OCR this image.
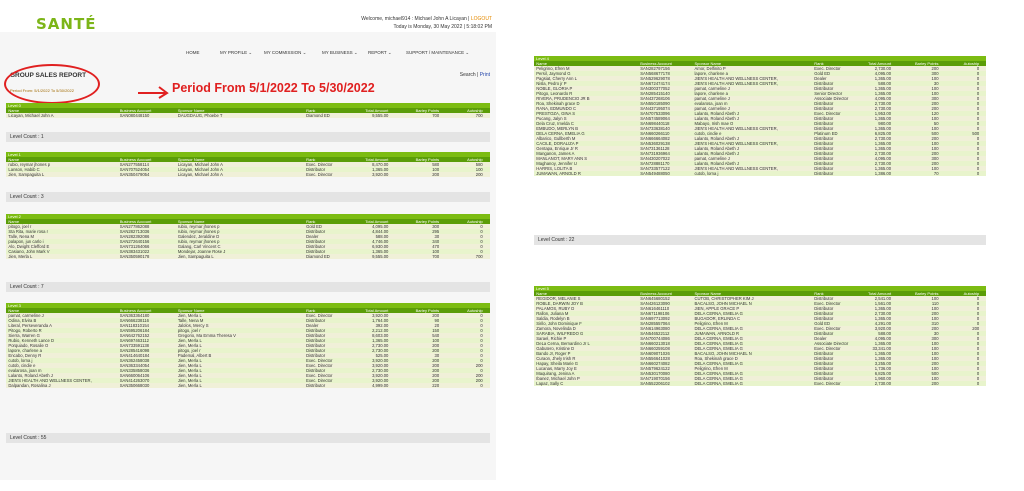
SANTÉ	Welcome, michael914 : Michael John A Licayan | LOGOUT
Today is Monday, 30 May 2022 | 5:18:02 PM
HOME	MY PROFILE ⌄	MY COMMISSION ⌄	MY BUSINESS ⌄ REPORT ⌄	SUPPORT / MAINTENANCE ⌄
GROUP SALES REPORT
Period From: 5/1/2022 To 5/30/2022	Period From 5/1/2022 To 5/30/2022
Search | Print
Level 0
Name	Business Account	Sponsor Name	Rank	Total Amount	Barley Points	Autoship
Licayan, Michael John A	SAN080448150	DAUGDAUG, Phoebe T	Diamond ED	9,555.00	700	700
Level Count : 1
Level 1
Name	Business Account	Sponsor Name	Rank	Total Amount	Barley Points	Autoship
rubio, reymar jhones p	SAN277558114	Licayan, Michael John A	Exec. Director	8,470.00	580	580
Lanson, Habib C	SAN707524054	Licayan, Michael John A	Distributor	1,365.00	100	100
Jien, Sampaguita L	SAN350479054	Licayan, Michael John A	Exec. Director	3,920.00	200	200
Level Count : 3
Level 2
Name	Business Account	Sponsor Name	Rank	Total Amount	Barley Points	Autoship
pitogo, joel r	SAN277862088	rubio, reymar jhones p	Gold ED	4,095.00	300	0
Sta Rita, marie rosa r	SAN282713036	rubio, reymar jhones p	Distributor	4,844.00	295	0
Talle, Nena M	SAN282392086	Galendez, Jeraldine D	Dealer	588.00	30	0
palapon, jun carlo i	SAN272640156	rubio, reymar jhones p	Distributor	4,746.00	340	0
Alo, Dwight Clefford E	SAN731264066	Galang, Carl Vincent C	Distributor	6,930.00	470	0
Casiano, John Mark V	SAN383431022	Mondejar, Joanne Rose J	Distributor	1,365.00	100	0
Jien, Merla L	SAN350590178	Jien, Sampaguita L	Diamond ED	9,555.00	700	700
Level Count : 7
Level 3
Name	Business Account	Sponsor Name	Rank	Total Amount	Barley Points	Autoship
pamat, carmeline J	SAN363364180	Jien, Merla L	Exec. Director	3,920.00	200	0
Odina, Elvira B	SAN666238116	Talle, Nena M	Distributor	1,764.00	90	0
Literal, Perseveranda A	SAN118310154	Jalolos, Mercy S	Dealer	392.00	20	0
Pitogo, Roberto R	SAN595206184	pitogo, joel r	Distributor	2,212.00	150	0
Sierra, Warren G	SAN642762152	Gregorio, Ma Emma Theresa V	Distributor	8,603.00	540	0
Rubio, Kenneth Lance D	SAN697463112	Jien, Merla L	Distributor	1,365.00	100	0
Porquiado, Rosalie O	SAN733591138	Jien, Merla L	Distributor	2,730.00	200	0
lapore, charlene a	SAN285416098	pitogo, joel r	Distributor	2,730.00	200	0
Encabo, Denny R	SAN414640184	Pademal, Albert B	Distributor	525.00	30	0
cutob, lorna j	SAN362458038	Jien, Merla L	Exec. Director	3,920.00	200	0
cutob, cindie e	SAN363344054	Jien, Merla L	Exec. Director	3,920.00	200	200
evalarosa, joan m	SAN335858036	Jien, Merla L	Distributor	2,730.00	200	0
Lalanto, Roland Abeth J	SAN660064106	Jien, Merla L	Exec. Director	3,920.00	200	200
JIEN'S HEALTH AND WELLNESS CENTER,	SAN414263070	Jien, Merla L	Exec. Director	3,920.00	200	200
Dalpandan, Rosalina J	SAN350668030	Jien, Merla L	Distributor	4,999.00	220	0
Level Count : 55
Level 4
Name	Business Account	Sponsor Name	Rank	Total Amount	Barley Points	Autoship
Peligrino, Efren M	SAN282797156	Amor, Delfinito P	Exec. Director	2,730.00	200	0
Persil, Jaymond G	SAN568677178	lapore, charlene a	Gold ED	4,095.00	300	0
Pagsiat, Cherry Ann L	SAN529629078	JIEN'S HEALTH AND WELLNESS CENTER,	Dealer	1,365.00	100	0
Nisla, Pedro jr P	SAN672474174	JIEN'S HEALTH AND WELLNESS CENTER,	Distributor	588.00	30	0
NOBLE, GLORIA P	SAN300377052	pamat, carmeline J	Distributor	1,365.00	100	0
Pitogo, Leonardo R	SAN285415140	lapore, charlene a	Senior Director	1,365.00	100	0
RIVERA, PRUDENCIO JR B	SAN437268106	pamat, carmeline J	Associate Director	4,095.00	300	0
Roa, Shekinah grace D	SAN550185090	evalarosa, joan m	Distributor	2,730.00	200	0
RANA, EDMUNDO C	SAN437195074	pamat, carmeline J	Distributor	2,730.00	200	0
PRESTOZA, GINA S	SAN707533096	Lalanto, Roland Abeth J	Exec. Director	1,953.00	120	0
Pucang, Jalyn S	SAN574589064	Lalanto, Roland Abeth J	Distributor	1,365.00	100	0
Dela Cruz, Imelda C	SAN698440118	Mabayo, Irish mae O	Distributor	980.00	50	0
EMBUDO, MERLYN B	SAN733638140	JIEN'S HEALTH AND WELLNESS CENTER,	Distributor	1,365.00	100	0
DELA CERNA, EMELIA G	SAN660266110	cutob, cindie e	Platinum ED	6,825.00	500	500
Albarico, Gullberth M	SAN666664082	Lalanto, Roland Abeth J	Distributor	2,730.00	200	0
CACILE, DORALIZA P	SAN536029138	JIEN'S HEALTH AND WELLNESS CENTER,	Distributor	1,365.00	100	0
Gentapa, Enrique Jr R	SAN731361128	Lalanto, Roland Abeth J	Distributor	1,365.00	100	0
Manganon, James A	SAN731936964	Lalanto, Roland Abeth J	Distributor	2,730.00	200	0
MANLANOT, MARY ANN S	SAN430207022	pamat, carmeline J	Distributor	4,095.00	300	0
Maghanoy, Jennifer U	SAN728881170	Lalanto, Roland Abeth J	Distributor	2,730.00	200	0
HARRIS, LOLITA B	SAN733577122	JIEN'S HEALTH AND WELLNESS CENTER,	Distributor	1,365.00	100	0
JUMAWAN, ARNOLD R	SAN549488050	cutob, lorna j	Distributor	1,386.00	70	0
Level Count : 22
Level 5
Name	Business Account	Sponsor Name	Rank	Total Amount	Barley Points	Autoship
REGIDOR, MELANIE S	SAN645680152	CUTOB, CHRISTOPHER KIM J	Distributor	2,541.00	100	0
ROBLE, DARWIN JOY B	SAN426123090	BACALSO, JOHN MICHAEL N	Exec. Director	1,561.00	110	0
PALAMOS, RUBY D	SAN616461110	JIEN, APPLE GRACE P	Distributor	1,365.00	100	0
Rallon, Juliana M	SAN671198106	DELA CERNA, EMELIA G	Distributor	2,730.00	200	0
Saldia, Rodelyn B	SAN697713092	BUGADOR, ERLINDA C	Distributor	1,365.00	100	0
Sirilo, John Dominique F	SAN285557064	Peligrino, Efren M	Gold ED	4,291.00	310	0
Zamora, Novelinda D	SAN614963080	DELA CERNA, EMELIA G	Exec. Director	3,920.00	200	200
SARABIA, WILFREDO G	SAN546522112	JUMAWAN, ARNOLD R	Distributor	588.00	30	0
Sarael, Richie P	SAN700744086	DELA CERNA, EMELIA G	Dealer	4,095.00	300	0
DeLa Cerna, Bernardino Jr L	SAN660213018	DELA CERNA, EMELIA G	Associate Director	1,365.00	100	0
Gabutero, Kristine D	SAN660259108	DELA CERNA, EMELIA G	Exec. Director	33,341.00	100	0
Bando Jr, Roger P	SAN609071026	BACALSO, JOHN MICHAEL N	Distributor	1,365.00	100	0
Curaon, Jhely Irish R	SAN556641028	Roa, Shekinah grace D	Distributor	1,365.00	100	0
Hapay, Sheila Marie G	SAN660274082	DELA CERNA, EMELIA G	Distributor	3,255.00	200	0
Lucanas, Marry Joy E	SAN579624122	Peligrino, Efren M	Distributor	1,736.00	100	0
Maquirang, Jenina A	SAN530170080	DELA CERNA, EMELIA G	Distributor	6,825.00	500	0
Ibanez, Michael John P	SAN719070156	DELA CERNA, EMELIA G	Distributor	1,960.00	100	0
Lapaz, Sally C	SAN552206102	DELA CERNA, EMELIA G	Exec. Director	2,730.00	200	0
